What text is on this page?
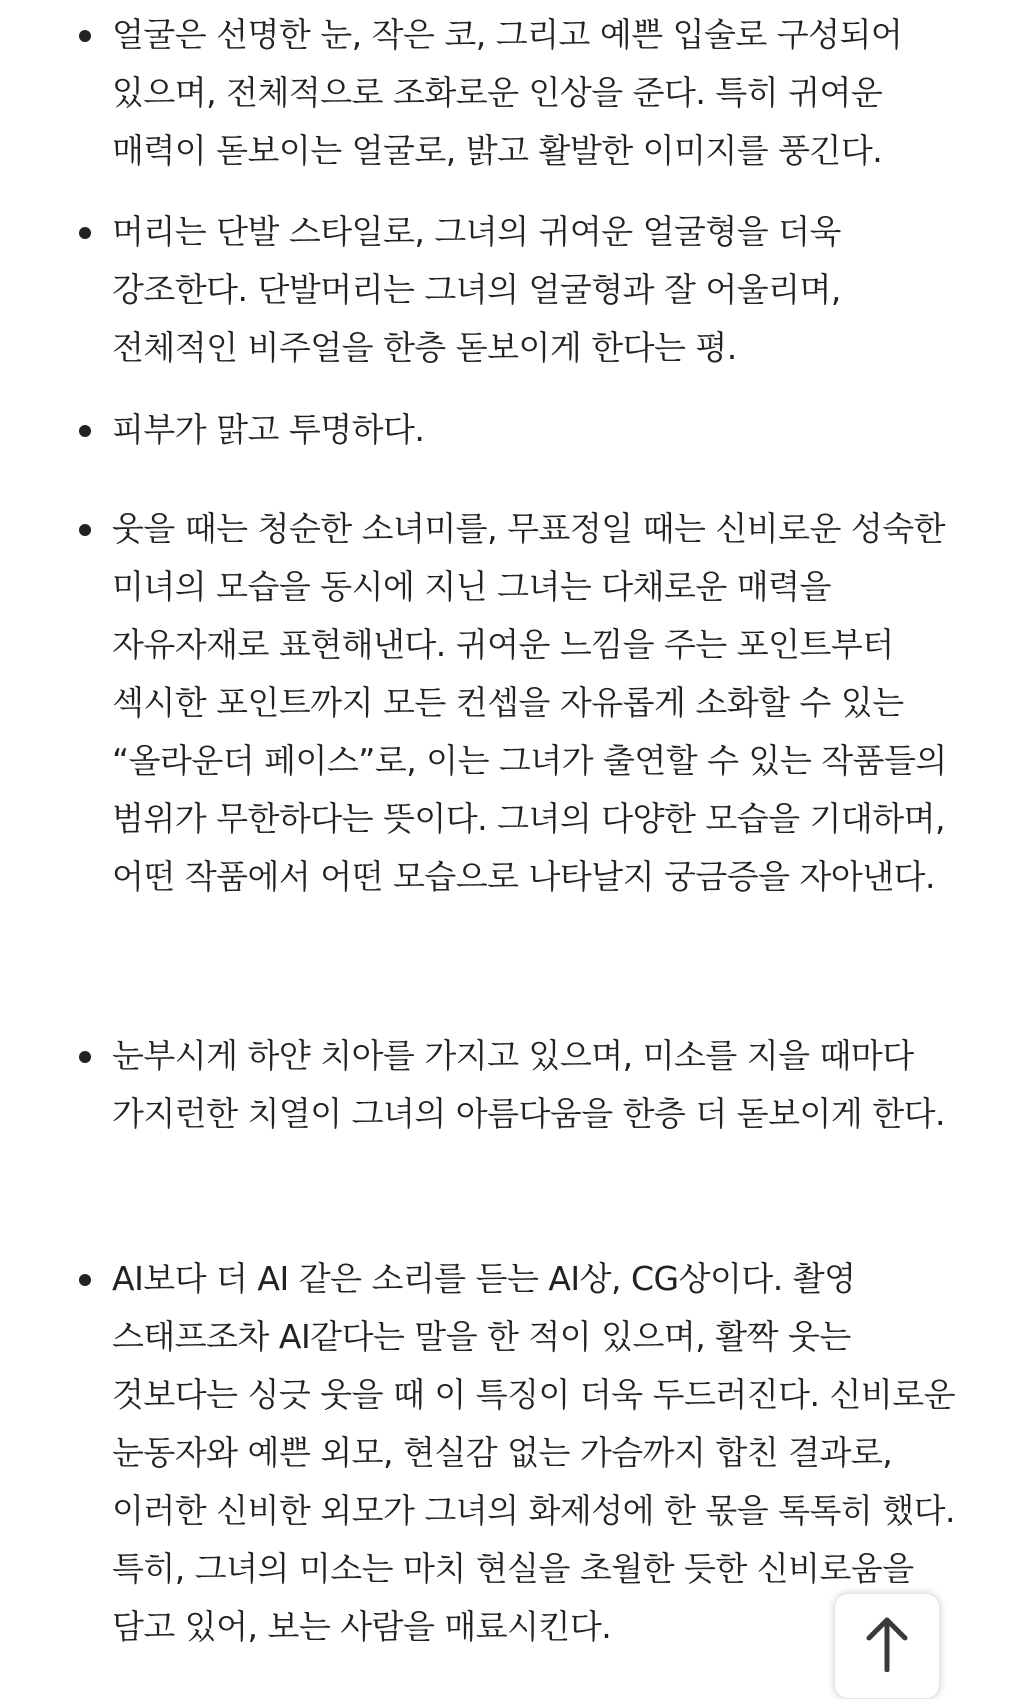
얼굴은 선명한 눈, 작은 코, 그리고 예쁜 입술로 구성되어 있으며, 전체적으로 조화로운 인상을 준다. 특히 귀여운 매력이 돋보이는 얼굴로, 밝고 활발한 이미지를 풍긴다.
머리는 단발 스타일로, 그녀의 귀여운 얼굴형을 더욱 강조한다. 단발머리는 그녀의 얼굴형과 잘 어울리며, 전체적인 비주얼을 한층 돋보이게 한다는 평.
피부가 맑고 투명하다.
웃을 때는 청순한 소녀미를, 무표정일 때는 신비로운 성숙한 미녀의 모습을 동시에 지닌 그녀는 다채로운 매력을 자유자재로 표현해낸다. 귀여운 느낌을 주는 포인트부터 섹시한 포인트까지 모든 컨셉을 자유롭게 소화할 수 있는 “올라운더 페이스”로, 이는 그녀가 출연할 수 있는 작품들의 범위가 무한하다는 뜻이다. 그녀의 다양한 모습을 기대하며, 어떤 작품에서 어떤 모습으로 나타날지 궁금증을 자아낸다.
눈부시게 하얀 치아를 가지고 있으며, 미소를 지을 때마다 가지런한 치열이 그녀의 아름다움을 한층 더 돋보이게 한다.
AI보다 더 AI 같은 소리를 듣는 AI상, CG상이다. 촬영 스태프조차 AI같다는 말을 한 적이 있으며, 활짝 웃는 것보다는 싱긋 웃을 때 이 특징이 더욱 두드러진다. 신비로운 눈동자와 예쁜 외모, 현실감 없는 가슴까지 합친 결과로, 이러한 신비한 외모가 그녀의 화제성에 한 몫을 톡톡히 했다. 특히, 그녀의 미소는 마치 현실을 초월한 듯한 신비로움을 담고 있어, 보는 사람을 매료시킨다.
